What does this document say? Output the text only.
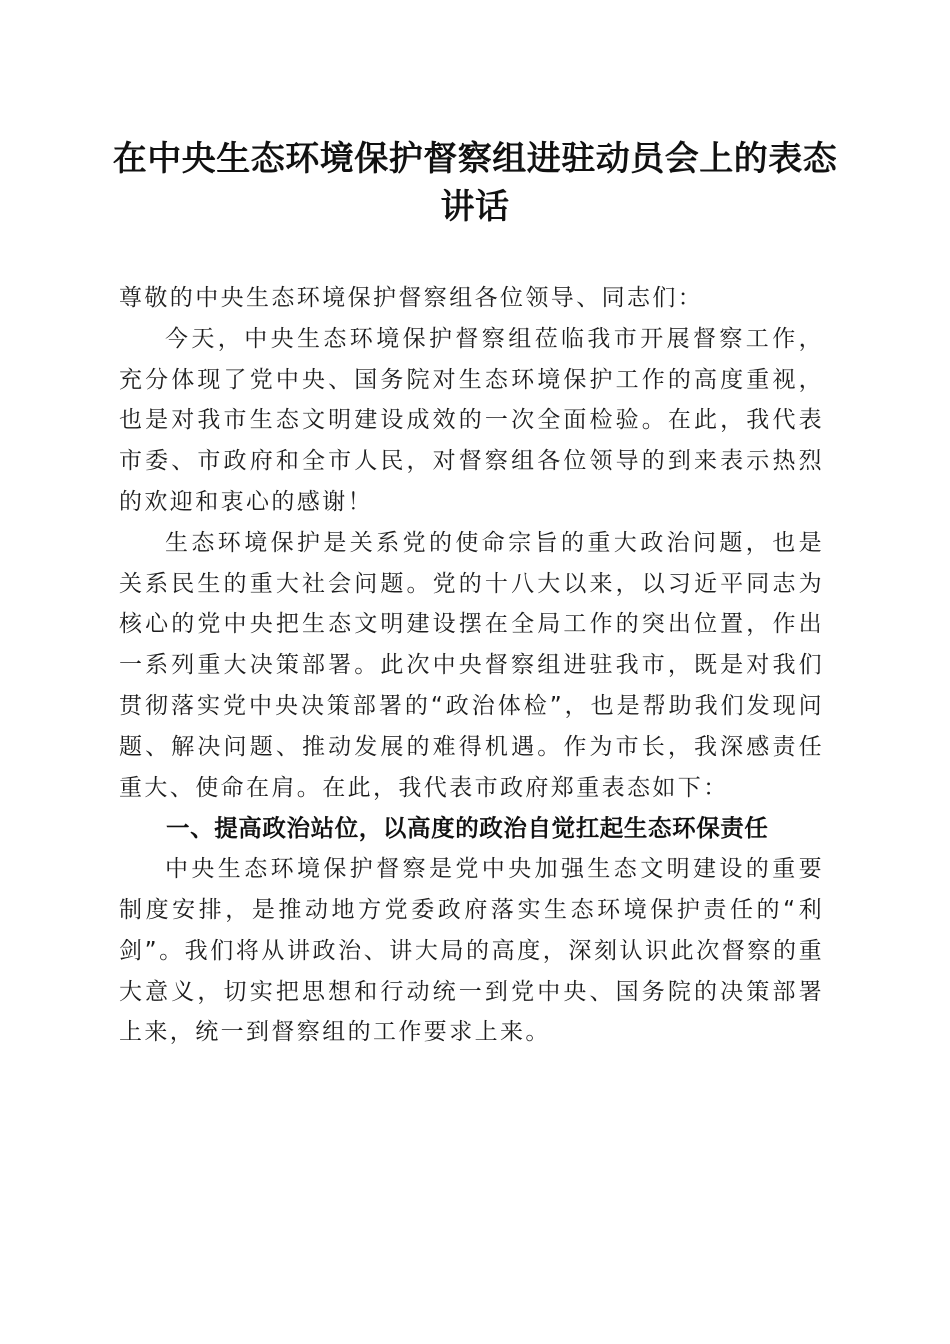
在中央生态环境保护督察组进驻动员会上的表态讲话

尊敬的中央生态环境保护督察组各位领导、同志们：

今天，中央生态环境保护督察组莅临我市开展督察工作，充分体现了党中央、国务院对生态环境保护工作的高度重视，也是对我市生态文明建设成效的一次全面检验。在此，我代表市委、市政府和全市人民，对督察组各位领导的到来表示热烈的欢迎和衷心的感谢！

生态环境保护是关系党的使命宗旨的重大政治问题，也是关系民生的重大社会问题。党的十八大以来，以习近平同志为核心的党中央把生态文明建设摆在全局工作的突出位置，作出一系列重大决策部署。此次中央督察组进驻我市，既是对我们贯彻落实党中央决策部署的“政治体检”，也是帮助我们发现问题、解决问题、推动发展的难得机遇。作为市长，我深感责任重大、使命在肩。在此，我代表市政府郑重表态如下：

一、提高政治站位，以高度的政治自觉扛起生态环保责任

中央生态环境保护督察是党中央加强生态文明建设的重要制度安排，是推动地方党委政府落实生态环境保护责任的“利剑”。我们将从讲政治、讲大局的高度，深刻认识此次督察的重大意义，切实把思想和行动统一到党中央、国务院的决策部署上来，统一到督察组的工作要求上来。
